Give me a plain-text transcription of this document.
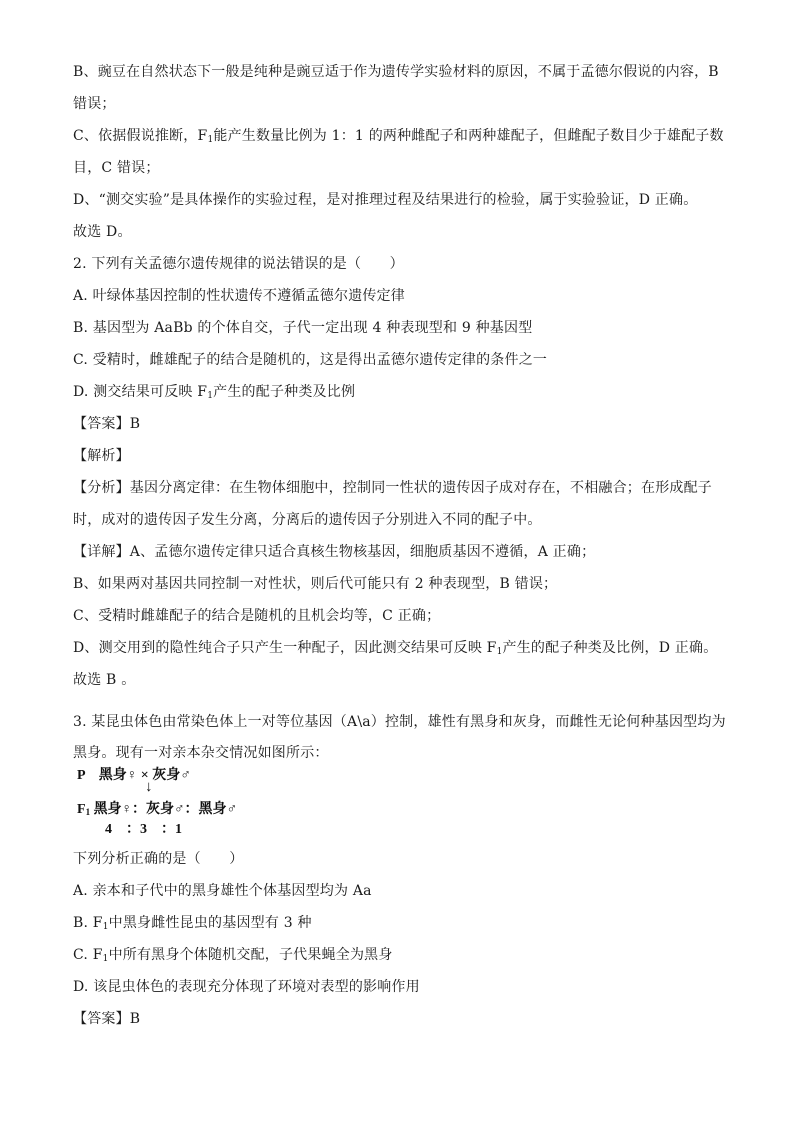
B、豌豆在自然状态下一般是纯种是豌豆适于作为遗传学实验材料的原因，不属于孟德尔假说的内容，B
错误；
C、依据假说推断，$F_1$能产生数量比例为 1：1 的两种雌配子和两种雄配子，但雌配子数目少于雄配子数
目，C 错误；
D、“测交实验”是具体操作的实验过程，是对推理过程及结果进行的检验，属于实验验证，D 正确。
故选 D。
2. 下列有关孟德尔遗传规律的说法错误的是（　　）
A. 叶绿体基因控制的性状遗传不遵循孟德尔遗传定律
B. 基因型为 AaBb 的个体自交，子代一定出现 4 种表现型和 9 种基因型
C. 受精时，雌雄配子的结合是随机的，这是得出孟德尔遗传定律的条件之一
D. 测交结果可反映 $F_1$产生的配子种类及比例
【答案】B
【解析】
【分析】基因分离定律：在生物体细胞中，控制同一性状的遗传因子成对存在，不相融合；在形成配子
时，成对的遗传因子发生分离，分离后的遗传因子分别进入不同的配子中。
【详解】A、孟德尔遗传定律只适合真核生物核基因，细胞质基因不遵循，A 正确；
B、如果两对基因共同控制一对性状，则后代可能只有 2 种表现型，B 错误；
C、受精时雌雄配子的结合是随机的且机会均等，C 正确；
D、测交用到的隐性纯合子只产生一种配子，因此测交结果可反映 $F_1$产生的配子种类及比例，D 正确。
故选 B 。
3. 某昆虫体色由常染色体上一对等位基因（A\a）控制，雄性有黑身和灰身，而雌性无论何种基因型均为
黑身。现有一对亲本杂交情况如图所示：
P　黑身♀ × 灰身♂
↓
$F_1$ 黑身♀：灰身♂：黑身♂
4　：3　：1
下列分析正确的是（　　）
A. 亲本和子代中的黑身雄性个体基因型均为 Aa
B. $F_1$中黑身雌性昆虫的基因型有 3 种
C. $F_1$中所有黑身个体随机交配，子代果蝇全为黑身
D. 该昆虫体色的表现充分体现了环境对表型的影响作用
【答案】B
